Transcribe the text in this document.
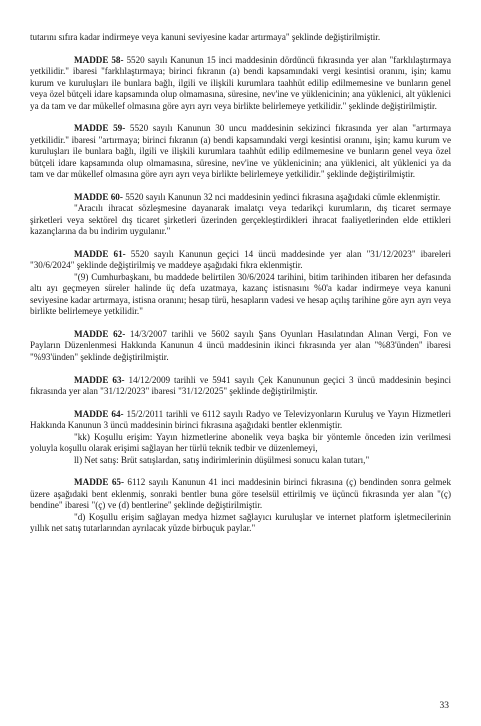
tutarını sıfıra kadar indirmeye veya kanuni seviyesine kadar artırmaya" şeklinde değiştirilmiştir.

MADDE 58- 5520 sayılı Kanunun 15 inci maddesinin dördüncü fıkrasında yer alan "farklılaştırmaya yetkilidir." ibaresi "farklılaştırmaya; birinci fıkranın (a) bendi kapsamındaki vergi kesintisi oranını, işin; kamu kurum ve kuruluşları ile bunlara bağlı, ilgili ve ilişkili kurumlara taahhüt edilip edilmemesine ve bunların genel veya özel bütçeli idare kapsamında olup olmamasına, süresine, nev'ine ve yüklenicinin; ana yüklenici, alt yüklenici ya da tam ve dar mükellef olmasına göre ayrı ayrı veya birlikte belirlemeye yetkilidir." şeklinde değiştirilmiştir.

MADDE 59- 5520 sayılı Kanunun 30 uncu maddesinin sekizinci fıkrasında yer alan "artırmaya yetkilidir." ibaresi "artırmaya; birinci fıkranın (a) bendi kapsamındaki vergi kesintisi oranını, işin; kamu kurum ve kuruluşları ile bunlara bağlı, ilgili ve ilişkili kurumlara taahhüt edilip edilmemesine ve bunların genel veya özel bütçeli idare kapsamında olup olmamasına, süresine, nev'ine ve yüklenicinin; ana yüklenici, alt yüklenici ya da tam ve dar mükellef olmasına göre ayrı ayrı veya birlikte belirlemeye yetkilidir." şeklinde değiştirilmiştir.

MADDE 60- 5520 sayılı Kanunun 32 nci maddesinin yedinci fıkrasına aşağıdaki cümle eklenmiştir.

"Aracılı ihracat sözleşmesine dayanarak imalatçı veya tedarikçi kurumların, dış ticaret sermaye şirketleri veya sektörel dış ticaret şirketleri üzerinden gerçekleştirdikleri ihracat faaliyetlerinden elde ettikleri kazançlarına da bu indirim uygulanır."

MADDE 61- 5520 sayılı Kanunun geçici 14 üncü maddesinde yer alan "31/12/2023" ibareleri "30/6/2024" şeklinde değiştirilmiş ve maddeye aşağıdaki fıkra eklenmiştir.

"(9) Cumhurbaşkanı, bu maddede belirtilen 30/6/2024 tarihini, bitim tarihinden itibaren her defasında altı ayı geçmeyen süreler halinde üç defa uzatmaya, kazanç istisnasını %0'a kadar indirmeye veya kanuni seviyesine kadar artırmaya, istisna oranını; hesap türü, hesapların vadesi ve hesap açılış tarihine göre ayrı ayrı veya birlikte belirlemeye yetkilidir."

MADDE 62- 14/3/2007 tarihli ve 5602 sayılı Şans Oyunları Hasılatından Alınan Vergi, Fon ve Payların Düzenlenmesi Hakkında Kanunun 4 üncü maddesinin ikinci fıkrasında yer alan "%83'ünden" ibaresi "%93'ünden" şeklinde değiştirilmiştir.

MADDE 63- 14/12/2009 tarihli ve 5941 sayılı Çek Kanununun geçici 3 üncü maddesinin beşinci fıkrasında yer alan "31/12/2023" ibaresi "31/12/2025" şeklinde değiştirilmiştir.

MADDE 64- 15/2/2011 tarihli ve 6112 sayılı Radyo ve Televizyonların Kuruluş ve Yayın Hizmetleri Hakkında Kanunun 3 üncü maddesinin birinci fıkrasına aşağıdaki bentler eklenmiştir.

"kk) Koşullu erişim: Yayın hizmetlerine abonelik veya başka bir yöntemle önceden izin verilmesi yoluyla koşullu olarak erişimi sağlayan her türlü teknik tedbir ve düzenlemeyi,

ll) Net satış: Brüt satışlardan, satış indirimlerinin düşülmesi sonucu kalan tutarı,"

MADDE 65- 6112 sayılı Kanunun 41 inci maddesinin birinci fıkrasına (ç) bendinden sonra gelmek üzere aşağıdaki bent eklenmiş, sonraki bentler buna göre teselsül ettirilmiş ve üçüncü fıkrasında yer alan "(ç) bendine" ibaresi "(ç) ve (d) bentlerine" şeklinde değiştirilmiştir.

"d) Koşullu erişim sağlayan medya hizmet sağlayıcı kuruluşlar ve internet platform işletmecilerinin yıllık net satış tutarlarından ayrılacak yüzde birbuçuk paylar."

33
